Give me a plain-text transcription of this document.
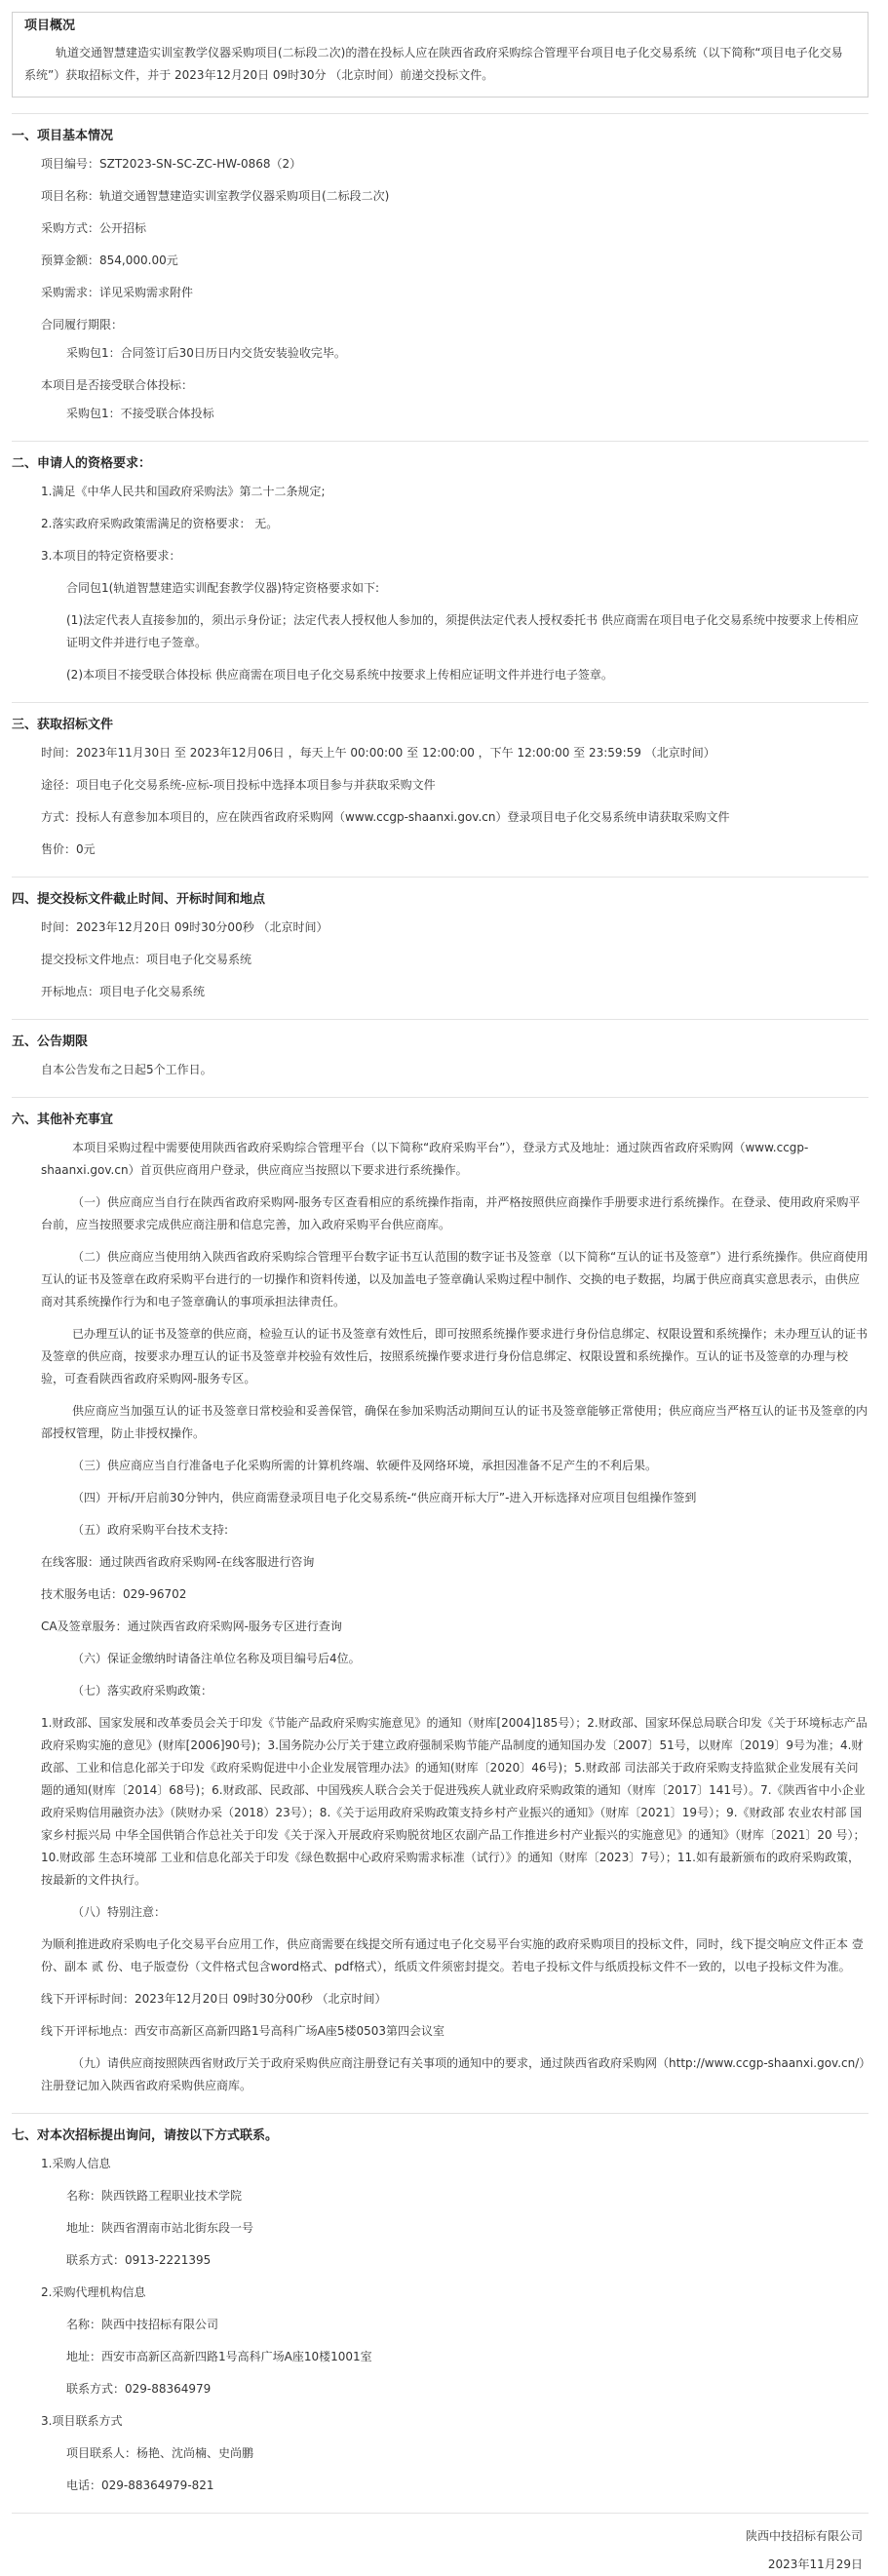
项目概况
轨道交通智慧建造实训室教学仪器采购项目(二标段二次)的潜在投标人应在陕西省政府采购综合管理平台项目电子化交易系统（以下简称“项目电子化交易系统”）获取招标文件，并于 2023年12月20日 09时30分 （北京时间）前递交投标文件。
一、项目基本情况
项目编号：SZT2023-SN-SC-ZC-HW-0868（2）
项目名称：轨道交通智慧建造实训室教学仪器采购项目(二标段二次)
采购方式：公开招标
预算金额：854,000.00元
采购需求：详见采购需求附件
合同履行期限：
采购包1：合同签订后30日历日内交货安装验收完毕。
本项目是否接受联合体投标：
采购包1：不接受联合体投标
二、申请人的资格要求：
1.满足《中华人民共和国政府采购法》第二十二条规定;
2.落实政府采购政策需满足的资格要求： 无。
3.本项目的特定资格要求：
合同包1(轨道智慧建造实训配套教学仪器)特定资格要求如下:
(1)法定代表人直接参加的，须出示身份证；法定代表人授权他人参加的，须提供法定代表人授权委托书 供应商需在项目电子化交易系统中按要求上传相应证明文件并进行电子签章。
(2)本项目不接受联合体投标 供应商需在项目电子化交易系统中按要求上传相应证明文件并进行电子签章。
三、获取招标文件
时间：2023年11月30日 至 2023年12月06日 ，每天上午 00:00:00 至 12:00:00 ，下午 12:00:00 至 23:59:59 （北京时间）
途径：项目电子化交易系统-应标-项目投标中选择本项目参与并获取采购文件
方式：投标人有意参加本项目的，应在陕西省政府采购网（www.ccgp-shaanxi.gov.cn）登录项目电子化交易系统申请获取采购文件
售价：0元
四、提交投标文件截止时间、开标时间和地点
时间：2023年12月20日 09时30分00秒 （北京时间）
提交投标文件地点：项目电子化交易系统
开标地点：项目电子化交易系统
五、公告期限
自本公告发布之日起5个工作日。
六、其他补充事宜
本项目采购过程中需要使用陕西省政府采购综合管理平台（以下简称“政府采购平台”），登录方式及地址：通过陕西省政府采购网（www.ccgp-shaanxi.gov.cn）首页供应商用户登录，供应商应当按照以下要求进行系统操作。
（一）供应商应当自行在陕西省政府采购网-服务专区查看相应的系统操作指南，并严格按照供应商操作手册要求进行系统操作。在登录、使用政府采购平台前，应当按照要求完成供应商注册和信息完善，加入政府采购平台供应商库。
（二）供应商应当使用纳入陕西省政府采购综合管理平台数字证书互认范围的数字证书及签章（以下简称“互认的证书及签章”）进行系统操作。供应商使用互认的证书及签章在政府采购平台进行的一切操作和资料传递，以及加盖电子签章确认采购过程中制作、交换的电子数据，均属于供应商真实意思表示，由供应商对其系统操作行为和电子签章确认的事项承担法律责任。
已办理互认的证书及签章的供应商，检验互认的证书及签章有效性后，即可按照系统操作要求进行身份信息绑定、权限设置和系统操作；未办理互认的证书及签章的供应商，按要求办理互认的证书及签章并校验有效性后，按照系统操作要求进行身份信息绑定、权限设置和系统操作。互认的证书及签章的办理与校验，可查看陕西省政府采购网-服务专区。
供应商应当加强互认的证书及签章日常校验和妥善保管，确保在参加采购活动期间互认的证书及签章能够正常使用；供应商应当严格互认的证书及签章的内部授权管理，防止非授权操作。
（三）供应商应当自行准备电子化采购所需的计算机终端、软硬件及网络环境，承担因准备不足产生的不利后果。
（四）开标/开启前30分钟内，供应商需登录项目电子化交易系统-“供应商开标大厅”-进入开标选择对应项目包组操作签到
（五）政府采购平台技术支持:
在线客服：通过陕西省政府采购网-在线客服进行咨询
技术服务电话：029-96702
CA及签章服务：通过陕西省政府采购网-服务专区进行查询
（六）保证金缴纳时请备注单位名称及项目编号后4位。
（七）落实政府采购政策：
1.财政部、国家发展和改革委员会关于印发《节能产品政府采购实施意见》的通知（财库[2004]185号）；2.财政部、国家环保总局联合印发《关于环境标志产品政府采购实施的意见》(财库[2006]90号)；3.国务院办公厅关于建立政府强制采购节能产品制度的通知国办发〔2007〕51号，以财库〔2019〕9号为准；4.财政部、工业和信息化部关于印发《政府采购促进中小企业发展管理办法》的通知(财库〔2020〕46号)；5.财政部 司法部关于政府采购支持监狱企业发展有关问题的通知(财库〔2014〕68号)；6.财政部、民政部、中国残疾人联合会关于促进残疾人就业政府采购政策的通知（财库〔2017〕141号）。7.《陕西省中小企业政府采购信用融资办法》（陕财办采（2018）23号）；8.《关于运用政府采购政策支持乡村产业振兴的通知》（财库〔2021〕19号）；9.《财政部 农业农村部 国家乡村振兴局 中华全国供销合作总社关于印发《关于深入开展政府采购脱贫地区农副产品工作推进乡村产业振兴的实施意见》的通知》（财库〔2021〕20 号）；10.财政部 生态环境部 工业和信息化部关于印发《绿色数据中心政府采购需求标准（试行）》的通知（财库〔2023〕7号）；11.如有最新颁布的政府采购政策，按最新的文件执行。
（八）特别注意：
为顺利推进政府采购电子化交易平台应用工作，供应商需要在线提交所有通过电子化交易平台实施的政府采购项目的投标文件，同时，线下提交响应文件正本 壹 份、副本 贰 份、电子版壹份（文件格式包含word格式、pdf格式），纸质文件须密封提交。若电子投标文件与纸质投标文件不一致的，以电子投标文件为准。
线下开评标时间：2023年12月20日 09时30分00秒 （北京时间）
线下开评标地点：西安市高新区高新四路1号高科广场A座5楼0503第四会议室
（九）请供应商按照陕西省财政厅关于政府采购供应商注册登记有关事项的通知中的要求，通过陕西省政府采购网（http://www.ccgp-shaanxi.gov.cn/）注册登记加入陕西省政府采购供应商库。
七、对本次招标提出询问，请按以下方式联系。
1.采购人信息
名称：陕西铁路工程职业技术学院
地址：陕西省渭南市站北街东段一号
联系方式：0913-2221395
2.采购代理机构信息
名称：陕西中技招标有限公司
地址：西安市高新区高新四路1号高科广场A座10楼1001室
联系方式：029-88364979
3.项目联系方式
项目联系人：杨艳、沈尚楠、史尚鹏
电话：029-88364979-821
陕西中技招标有限公司
2023年11月29日
